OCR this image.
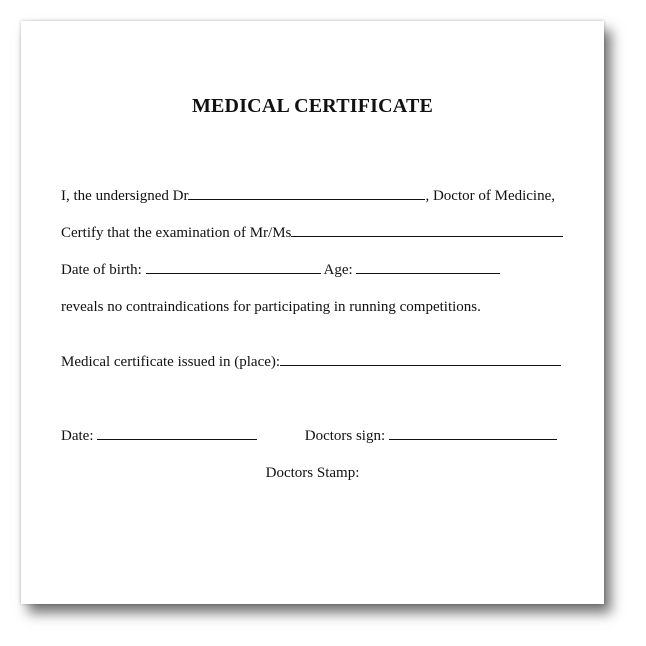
MEDICAL CERTIFICATE
I, the undersigned Dr	, Doctor of Medicine,
Certify that the examination of Mr/Ms
Date of birth:	Age:
reveals no contraindications for participating in running competitions.
Medical certificate issued in (place):
Date:	Doctors sign:
Doctors Stamp:
